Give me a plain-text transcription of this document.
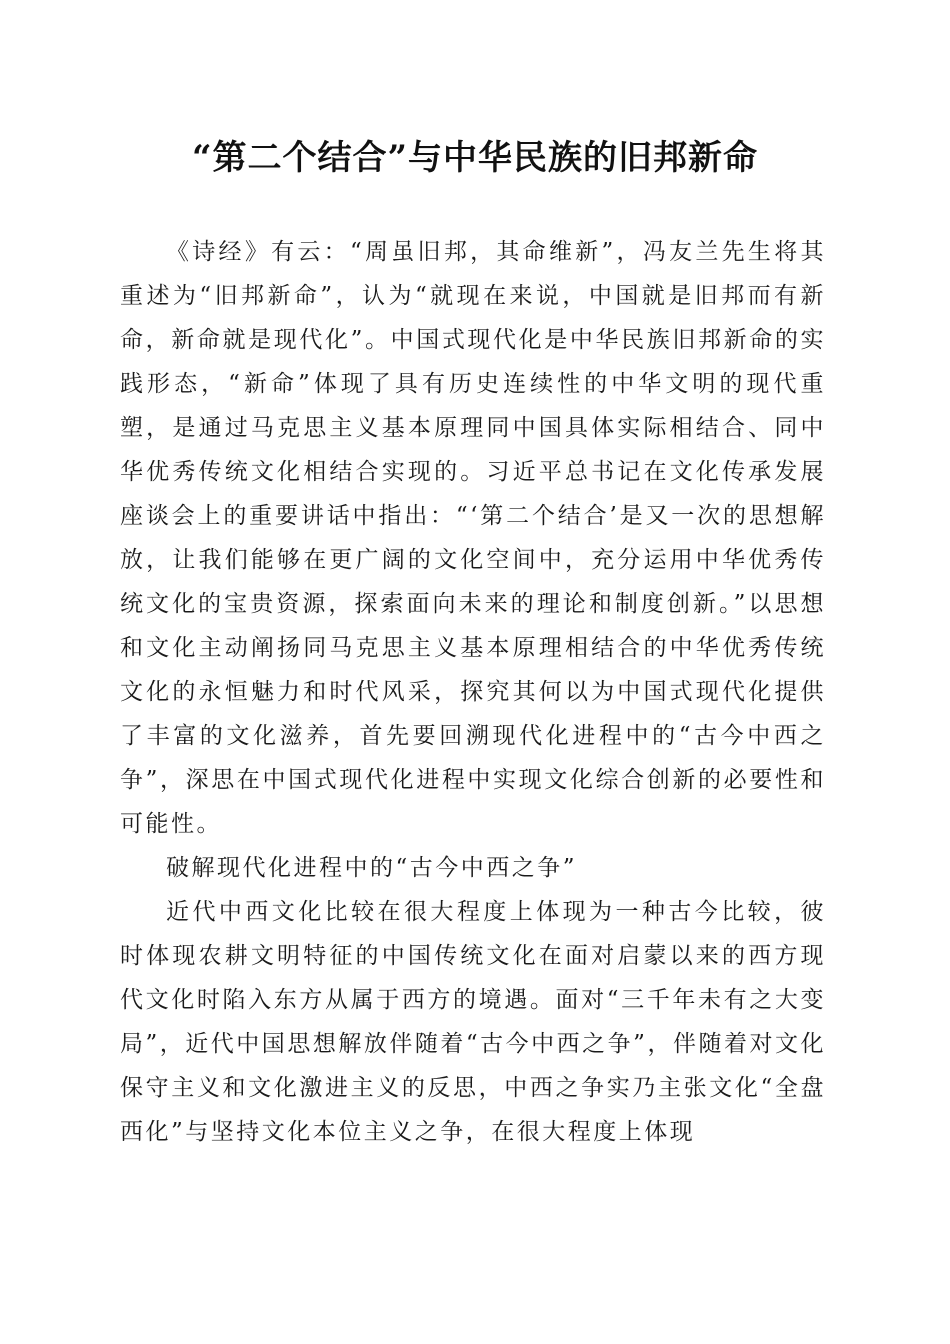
“第二个结合”与中华民族的旧邦新命

《诗经》有云：“周虽旧邦，其命维新”，冯友兰先生将其重述为“旧邦新命”，认为“就现在来说，中国就是旧邦而有新命，新命就是现代化”。中国式现代化是中华民族旧邦新命的实践形态，“新命”体现了具有历史连续性的中华文明的现代重塑，是通过马克思主义基本原理同中国具体实际相结合、同中华优秀传统文化相结合实现的。习近平总书记在文化传承发展座谈会上的重要讲话中指出：“‘第二个结合’是又一次的思想解放，让我们能够在更广阔的文化空间中，充分运用中华优秀传统文化的宝贵资源，探索面向未来的理论和制度创新。”以思想和文化主动阐扬同马克思主义基本原理相结合的中华优秀传统文化的永恒魅力和时代风采，探究其何以为中国式现代化提供了丰富的文化滋养，首先要回溯现代化进程中的“古今中西之争”，深思在中国式现代化进程中实现文化综合创新的必要性和可能性。

破解现代化进程中的“古今中西之争”

近代中西文化比较在很大程度上体现为一种古今比较，彼时体现农耕文明特征的中国传统文化在面对启蒙以来的西方现代文化时陷入东方从属于西方的境遇。面对“三千年未有之大变局”，近代中国思想解放伴随着“古今中西之争”，伴随着对文化保守主义和文化激进主义的反思，中西之争实乃主张文化“全盘西化”与坚持文化本位主义之争，在很大程度上体现
